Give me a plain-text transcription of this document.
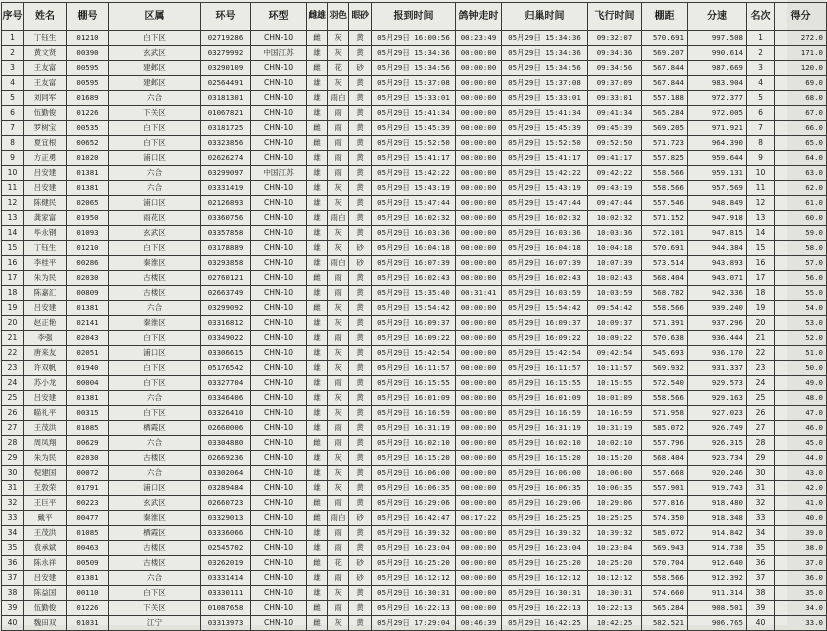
序号	姓名	棚号	区属	环号	环型	雌雄	羽色	眼砂	报到时间	鸽钟走时	归巢时间	飞行时间	棚距	分速	名次	得分
1	丁钰生	01210	白下区	02719286	CHN-10	雌	灰	黄	05月29日 16:00:56	00:23:49	05月29日 15:34:36	09:32:07	570.691	997.508	1	272.0
2	黄文贤	00390	玄武区	03279992	中国江苏	雄	灰	黄	05月29日 15:34:36	00:00:00	05月29日 15:34:36	09:34:36	569.207	990.614	2	171.0
3	王友富	00595	建邺区	03290109	CHN-10	雌	花	砂	05月29日 15:34:56	00:00:00	05月29日 15:34:56	09:34:56	567.844	987.669	3	120.0
4	王友富	00595	建邺区	02564491	CHN-10	雄	灰	黄	05月29日 15:37:08	00:00:00	05月29日 15:37:08	09:37:09	567.844	983.904	4	69.0
5	刘同军	01689	六合	03181301	CHN-10	雄	雨白	黄	05月29日 15:33:01	00:00:00	05月29日 15:33:01	09:33:01	557.188	972.377	5	68.0
6	伍勤俊	01226	下关区	01067821	CHN-10	雄	雨	黄	05月29日 15:41:34	00:00:00	05月29日 15:41:34	09:41:34	565.284	972.005	6	67.0
7	罗树宝	00535	白下区	03181725	CHN-10	雌	雨	黄	05月29日 15:45:39	00:00:00	05月29日 15:45:39	09:45:39	569.205	971.921	7	66.0
8	夏宜根	00652	白下区	03323856	CHN-10	雌	雨	黄	05月29日 15:52:50	00:00:00	05月29日 15:52:50	09:52:50	571.723	964.390	8	65.0
9	方正勇	01020	浦口区	02626274	CHN-10	雄	雨	黄	05月29日 15:41:17	00:00:00	05月29日 15:41:17	09:41:17	557.825	959.644	9	64.0
10	吕安建	01381	六合	03299097	中国江苏	雄	雨	黄	05月29日 15:42:22	00:00:00	05月29日 15:42:22	09:42:22	558.566	959.131	10	63.0
11	吕安建	01381	六合	03331419	CHN-10	雄	灰	黄	05月29日 15:43:19	00:00:00	05月29日 15:43:19	09:43:19	558.566	957.569	11	62.0
12	陈健民	02065	浦口区	02126893	CHN-10	雄	灰	黄	05月29日 15:47:44	00:00:00	05月29日 15:47:44	09:47:44	557.546	948.849	12	61.0
13	龚家富	01950	雨花区	03360756	CHN-10	雄	雨白	黄	05月29日 16:02:32	00:00:00	05月29日 16:02:32	10:02:32	571.152	947.918	13	60.0
14	毕永钢	01093	玄武区	03357858	CHN-10	雄	灰	黄	05月29日 16:03:36	00:00:00	05月29日 16:03:36	10:03:36	572.101	947.815	14	59.0
15	丁钰生	01210	白下区	03178889	CHN-10	雄	灰	砂	05月29日 16:04:18	00:00:00	05月29日 16:04:18	10:04:18	570.691	944.384	15	58.0
16	李桂平	00286	秦淮区	03293858	CHN-10	雄	雨白	砂	05月29日 16:07:39	00:00:00	05月29日 16:07:39	10:07:39	573.514	943.893	16	57.0
17	朱为民	02030	古楼区	02760121	CHN-10	雌	雨	黄	05月29日 16:02:43	00:00:00	05月29日 16:02:43	10:02:43	568.404	943.071	17	56.0
18	陈嘉汇	00809	古楼区	02663749	CHN-10	雄	雨	黄	05月29日 15:35:40	00:31:41	05月29日 16:03:59	10:03:59	568.782	942.336	18	55.0
19	吕安建	01381	六合	03299092	CHN-10	雌	灰	黄	05月29日 15:54:42	00:00:00	05月29日 15:54:42	09:54:42	558.566	939.240	19	54.0
20	赵正艳	02141	秦淮区	03316812	CHN-10	雄	灰	黄	05月29日 16:09:37	00:00:00	05月29日 16:09:37	10:09:37	571.391	937.296	20	53.0
21	李强	02043	白下区	03349022	CHN-10	雄	雨	黄	05月29日 16:09:22	00:00:00	05月29日 16:09:22	10:09:22	570.638	936.444	21	52.0
22	唐来友	02051	浦口区	03306615	CHN-10	雄	灰	黄	05月29日 15:42:54	00:00:00	05月29日 15:42:54	09:42:54	545.693	936.170	22	51.0
23	许双帆	01940	白下区	05176542	CHN-10	雄	灰	黄	05月29日 16:11:57	00:00:00	05月29日 16:11:57	10:11:57	569.932	931.337	23	50.0
24	苏小龙	00004	白下区	03327704	CHN-10	雄	雨	黄	05月29日 16:15:55	00:00:00	05月29日 16:15:55	10:15:55	572.540	929.573	24	49.0
25	吕安建	01381	六合	03346406	CHN-10	雄	灰	黄	05月29日 16:01:09	00:00:00	05月29日 16:01:09	10:01:09	558.566	929.163	25	48.0
26	瞄礼平	00315	白下区	03326410	CHN-10	雄	灰	黄	05月29日 16:16:59	00:00:00	05月29日 16:16:59	10:16:59	571.958	927.023	26	47.0
27	王茂洪	01085	栖霞区	02660006	CHN-10	雄	雨	黄	05月29日 16:31:19	00:00:00	05月29日 16:31:19	10:31:19	585.072	926.749	27	46.0
28	周凤翔	00629	六合	03304880	CHN-10	雌	雨	黄	05月29日 16:02:10	00:00:00	05月29日 16:02:10	10:02:10	557.796	926.315	28	45.0
29	朱为民	02030	古楼区	02669236	CHN-10	雄	灰	黄	05月29日 16:15:20	00:00:00	05月29日 16:15:20	10:15:20	568.404	923.734	29	44.0
30	倪建国	00072	六合	03302064	CHN-10	雄	灰	黄	05月29日 16:06:00	00:00:00	05月29日 16:06:00	10:06:00	557.668	920.246	30	43.0
31	王敦荣	01791	浦口区	03289484	CHN-10	雄	灰	黄	05月29日 16:06:35	00:00:00	05月29日 16:06:35	10:06:35	557.901	919.743	31	42.0
32	王巨平	00223	玄武区	02660723	CHN-10	雌	雨	黄	05月29日 16:29:06	00:00:00	05月29日 16:29:06	10:29:06	577.816	918.480	32	41.0
33	戴平	00477	秦淮区	03329013	CHN-10	雌	雨白	砂	05月29日 16:42:47	00:17:22	05月29日 16:25:25	10:25:25	574.350	918.348	33	40.0
34	王茂洪	01085	栖霞区	03336066	CHN-10	雄	雨	黄	05月29日 16:39:32	00:00:00	05月29日 16:39:32	10:39:32	585.072	914.842	34	39.0
35	袁承斌	00463	古楼区	02545702	CHN-10	雄	雨	黄	05月29日 16:23:04	00:00:00	05月29日 16:23:04	10:23:04	569.943	914.738	35	38.0
36	陈永祥	00509	古楼区	03262019	CHN-10	雌	花	砂	05月29日 16:25:20	00:00:00	05月29日 16:25:20	10:25:20	570.704	912.640	36	37.0
37	吕安建	01381	六合	03331414	CHN-10	雄	雨	砂	05月29日 16:12:12	00:00:00	05月29日 16:12:12	10:12:12	558.566	912.392	37	36.0
38	陈益国	00110	白下区	03330111	CHN-10	雄	灰	黄	05月29日 16:30:31	00:00:00	05月29日 16:30:31	10:30:31	574.660	911.314	38	35.0
39	伍勤俊	01226	下关区	01087658	CHN-10	雌	雨	黄	05月29日 16:22:13	00:00:00	05月29日 16:22:13	10:22:13	565.284	908.501	39	34.0
40	魏田双	01031	江宁	03313973	CHN-10	雌	灰	黄	05月29日 17:29:04	00:46:39	05月29日 16:42:25	10:42:25	582.521	906.765	40	33.0
